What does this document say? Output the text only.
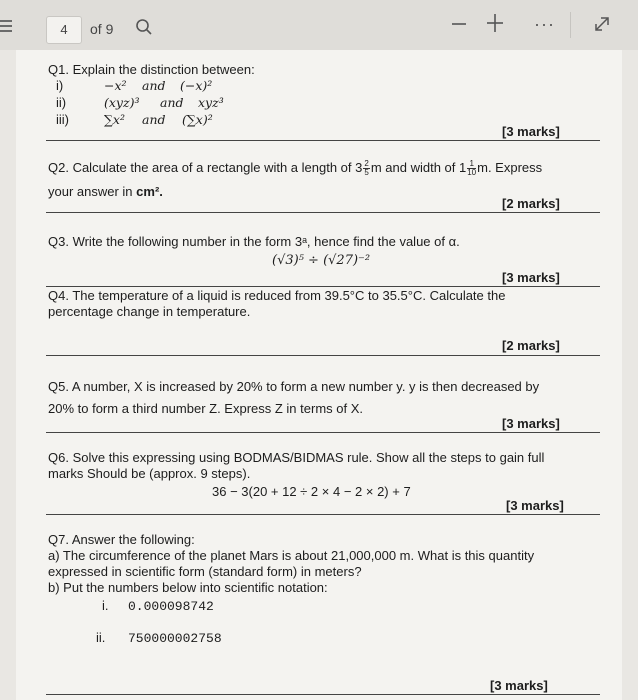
4	of 9	···
Q1. Explain the distinction between:
i)	−x² and (−x)²
ii)	(xyz)³ and xyz³
iii)	∑x² and (∑x)²
[3 marks]
Q2. Calculate the area of a rectangle with a length of $3 \frac{2}{5}$ m and width of $1 \frac{1}{10} m$. Express
your answer in cm².
[2 marks]
Q3. Write the following number in the form 3ᵃ, hence find the value of α.
(√3)⁵ ÷ (√27)⁻²
[3 marks]
Q4. The temperature of a liquid is reduced from 39.5°C to 35.5°C. Calculate the
percentage change in temperature.
[2 marks]
Q5. A number, X is increased by 20% to form a new number y. y is then decreased by
20% to form a third number Z. Express Z in terms of X.
[3 marks]
Q6. Solve this expressing using BODMAS/BIDMAS rule. Show all the steps to gain full
marks Should be (approx. 9 steps).
36 − 3(20 + 12 ÷ 2 × 4 − 2 × 2) + 7
[3 marks]
Q7. Answer the following:
a) The circumference of the planet Mars is about 21,000,000 m. What is this quantity
expressed in scientific form (standard form) in meters?
b) Put the numbers below into scientific notation:
i. 0.000098742
ii. 750000002758
[3 marks]
